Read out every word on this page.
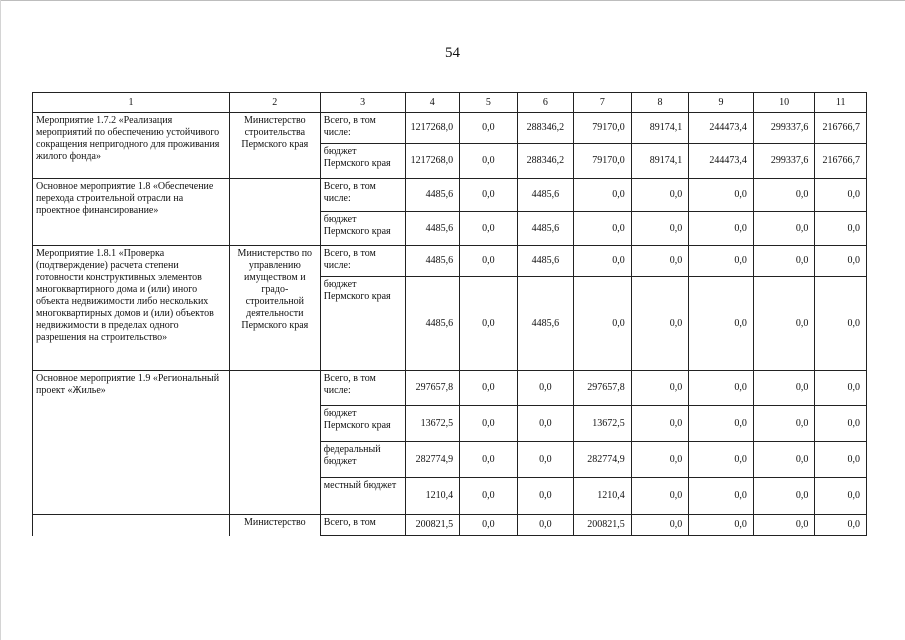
54
1	2	3	4	5	6	7	8	9	10	11
Мероприятие 1.7.2 «Реализация мероприятий по обеспечению устойчивого сокращения непригодного для проживания жилого фонда»	Министерство строительства Пермского края	Всего, в том числе:	1217268,0	0,0	288346,2	79170,0	89174,1	244473,4	299337,6	216766,7
		бюджет Пермского края	1217268,0	0,0	288346,2	79170,0	89174,1	244473,4	299337,6	216766,7
Основное мероприятие 1.8 «Обеспечение перехода строительной отрасли на проектное финансирование»		Всего, в том числе:	4485,6	0,0	4485,6	0,0	0,0	0,0	0,0	0,0
		бюджет Пермского края	4485,6	0,0	4485,6	0,0	0,0	0,0	0,0	0,0
Мероприятие 1.8.1 «Проверка (подтверждение) расчета степени готовности конструктивных элементов многоквартирного дома и (или) иного объекта недвижимости либо нескольких многоквартирных домов и (или) объектов недвижимости в пределах одного разрешения на строительство»	Министерство по управлению имуществом и градо-строительной деятельности Пермского края	Всего, в том числе:	4485,6	0,0	4485,6	0,0	0,0	0,0	0,0	0,0
		бюджет Пермского края	4485,6	0,0	4485,6	0,0	0,0	0,0	0,0	0,0
Основное мероприятие 1.9 «Региональный проект «Жилье»		Всего, в том числе:	297657,8	0,0	0,0	297657,8	0,0	0,0	0,0	0,0
		бюджет Пермского края	13672,5	0,0	0,0	13672,5	0,0	0,0	0,0	0,0
		федеральный бюджет	282774,9	0,0	0,0	282774,9	0,0	0,0	0,0	0,0
		местный бюджет	1210,4	0,0	0,0	1210,4	0,0	0,0	0,0	0,0
	Министерство	Всего, в том	200821,5	0,0	0,0	200821,5	0,0	0,0	0,0	0,0
